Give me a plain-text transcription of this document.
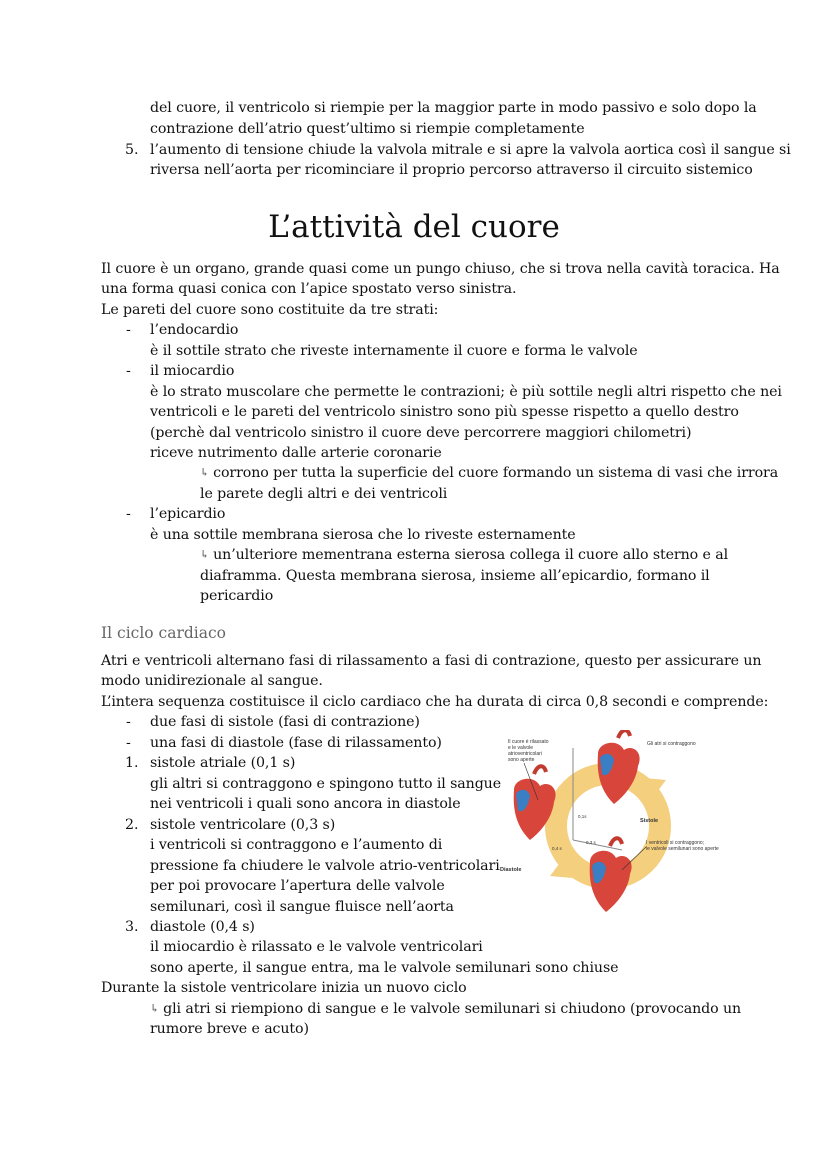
del cuore, il ventricolo si riempie per la maggior parte in modo passivo e solo dopo la
contrazione dell’atrio quest’ultimo si riempie completamente
5. l’aumento di tensione chiude la valvola mitrale e si apre la valvola aortica così il sangue si
riversa nell’aorta per ricominciare il proprio percorso attraverso il circuito sistemico
L’attività del cuore
Il cuore è un organo, grande quasi come un pungo chiuso, che si trova nella cavità toracica. Ha
una forma quasi conica con l’apice spostato verso sinistra.
Le pareti del cuore sono costituite da tre strati:
- l’endocardio
è il sottile strato che riveste internamente il cuore e forma le valvole
- il miocardio
è lo strato muscolare che permette le contrazioni; è più sottile negli altri rispetto che nei
ventricoli e le pareti del ventricolo sinistro sono più spesse rispetto a quello destro
(perchè dal ventricolo sinistro il cuore deve percorrere maggiori chilometri)
riceve nutrimento dalle arterie coronarie
↳ corrono per tutta la superficie del cuore formando un sistema di vasi che irrora
le parete degli altri e dei ventricoli
- l’epicardio
è una sottile membrana sierosa che lo riveste esternamente
↳ un’ulteriore mementrana esterna sierosa collega il cuore allo sterno e al
diaframma. Questa membrana sierosa, insieme all’epicardio, formano il
pericardio
Il ciclo cardiaco
Atri e ventricoli alternano fasi di rilassamento a fasi di contrazione, questo per assicurare un
modo unidirezionale al sangue.
L’intera sequenza costituisce il ciclo cardiaco che ha durata di circa 0,8 secondi e comprende:
- due fasi di sistole (fasi di contrazione)
- una fasi di diastole (fase di rilassamento)
1. sistole atriale (0,1 s)
gli altri si contraggono e spingono tutto il sangue
nei ventricoli i quali sono ancora in diastole
2. sistole ventricolare (0,3 s)
i ventricoli si contraggono e l’aumento di
pressione fa chiudere le valvole atrio-ventricolari
per poi provocare l’apertura delle valvole
semilunari, così il sangue fluisce nell’aorta
3. diastole (0,4 s)
il miocardio è rilassato e le valvole ventricolari
sono aperte, il sangue entra, ma le valvole semilunari sono chiuse
Durante la sistole ventricolare inizia un nuovo ciclo
↳ gli atri si riempiono di sangue e le valvole semilunari si chiudono (provocando un
rumore breve e acuto)
Il cuore è rilassato
e le valvole
atrioventricolari
sono aperte
Gli atri si contraggono
Sistole
I ventricoli si contraggono;
le valvole semilunari sono aperte
Diastole
0,1s
0,3 s
0,4 s
